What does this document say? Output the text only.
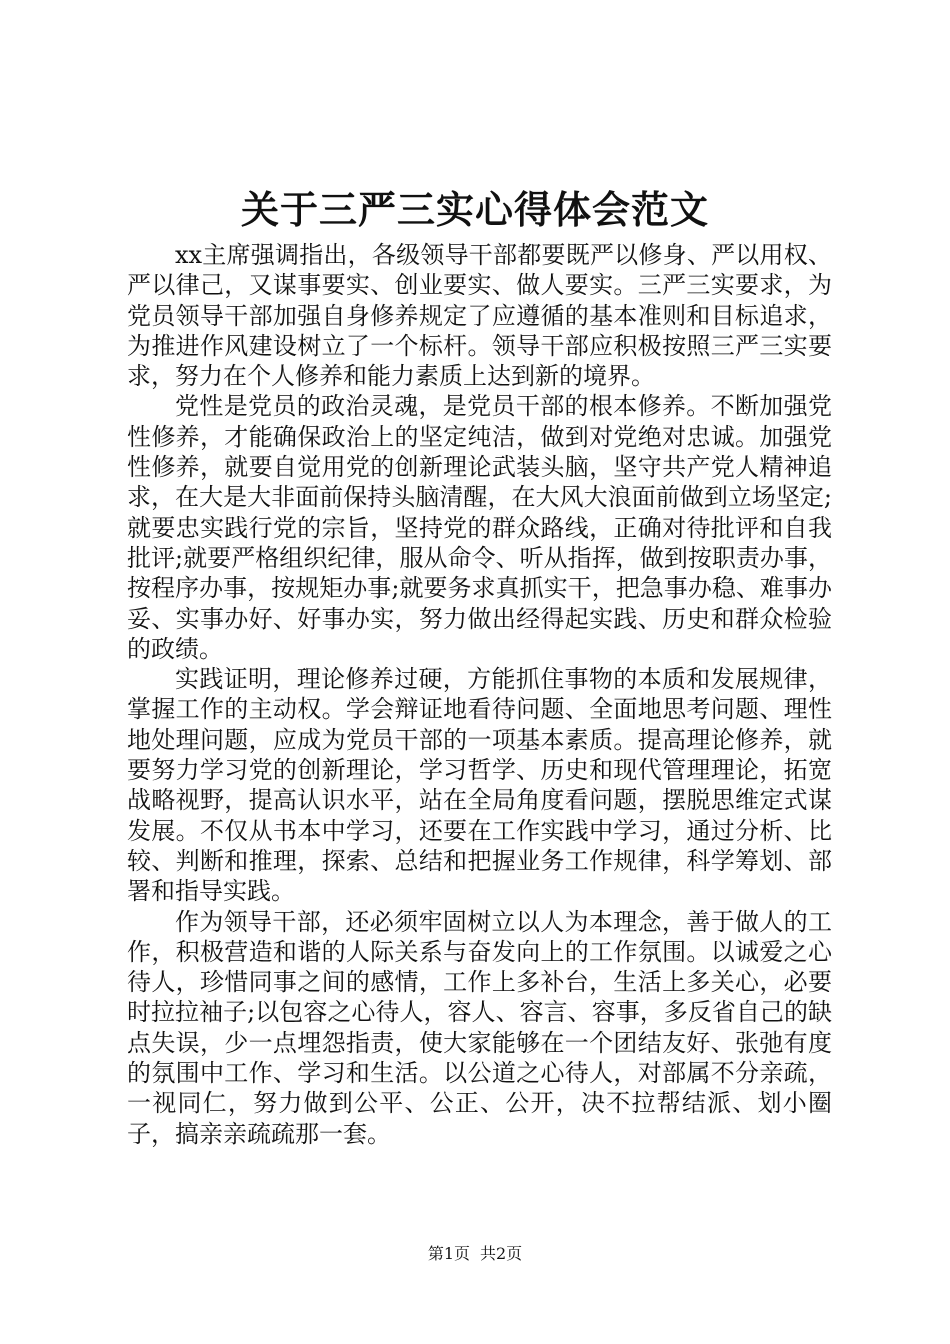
关于三严三实心得体会范文

xx主席强调指出，各级领导干部都要既严以修身、严以用权、严以律己，又谋事要实、创业要实、做人要实。三严三实要求，为党员领导干部加强自身修养规定了应遵循的基本准则和目标追求，为推进作风建设树立了一个标杆。领导干部应积极按照三严三实要求，努力在个人修养和能力素质上达到新的境界。

党性是党员的政治灵魂，是党员干部的根本修养。不断加强党性修养，才能确保政治上的坚定纯洁，做到对党绝对忠诚。加强党性修养，就要自觉用党的创新理论武装头脑，坚守共产党人精神追求，在大是大非面前保持头脑清醒，在大风大浪面前做到立场坚定;就要忠实践行党的宗旨，坚持党的群众路线，正确对待批评和自我批评;就要严格组织纪律，服从命令、听从指挥，做到按职责办事，按程序办事，按规矩办事;就要务求真抓实干，把急事办稳、难事办妥、实事办好、好事办实，努力做出经得起实践、历史和群众检验的政绩。

实践证明，理论修养过硬，方能抓住事物的本质和发展规律，掌握工作的主动权。学会辩证地看待问题、全面地思考问题、理性地处理问题，应成为党员干部的一项基本素质。提高理论修养，就要努力学习党的创新理论，学习哲学、历史和现代管理理论，拓宽战略视野，提高认识水平，站在全局角度看问题，摆脱思维定式谋发展。不仅从书本中学习，还要在工作实践中学习，通过分析、比较、判断和推理，探索、总结和把握业务工作规律，科学筹划、部署和指导实践。

作为领导干部，还必须牢固树立以人为本理念，善于做人的工作，积极营造和谐的人际关系与奋发向上的工作氛围。以诚爱之心待人，珍惜同事之间的感情，工作上多补台，生活上多关心，必要时拉拉袖子;以包容之心待人，容人、容言、容事，多反省自己的缺点失误，少一点埋怨指责，使大家能够在一个团结友好、张弛有度的氛围中工作、学习和生活。以公道之心待人，对部属不分亲疏，一视同仁，努力做到公平、公正、公开，决不拉帮结派、划小圈子，搞亲亲疏疏那一套。

第1页 共2页
